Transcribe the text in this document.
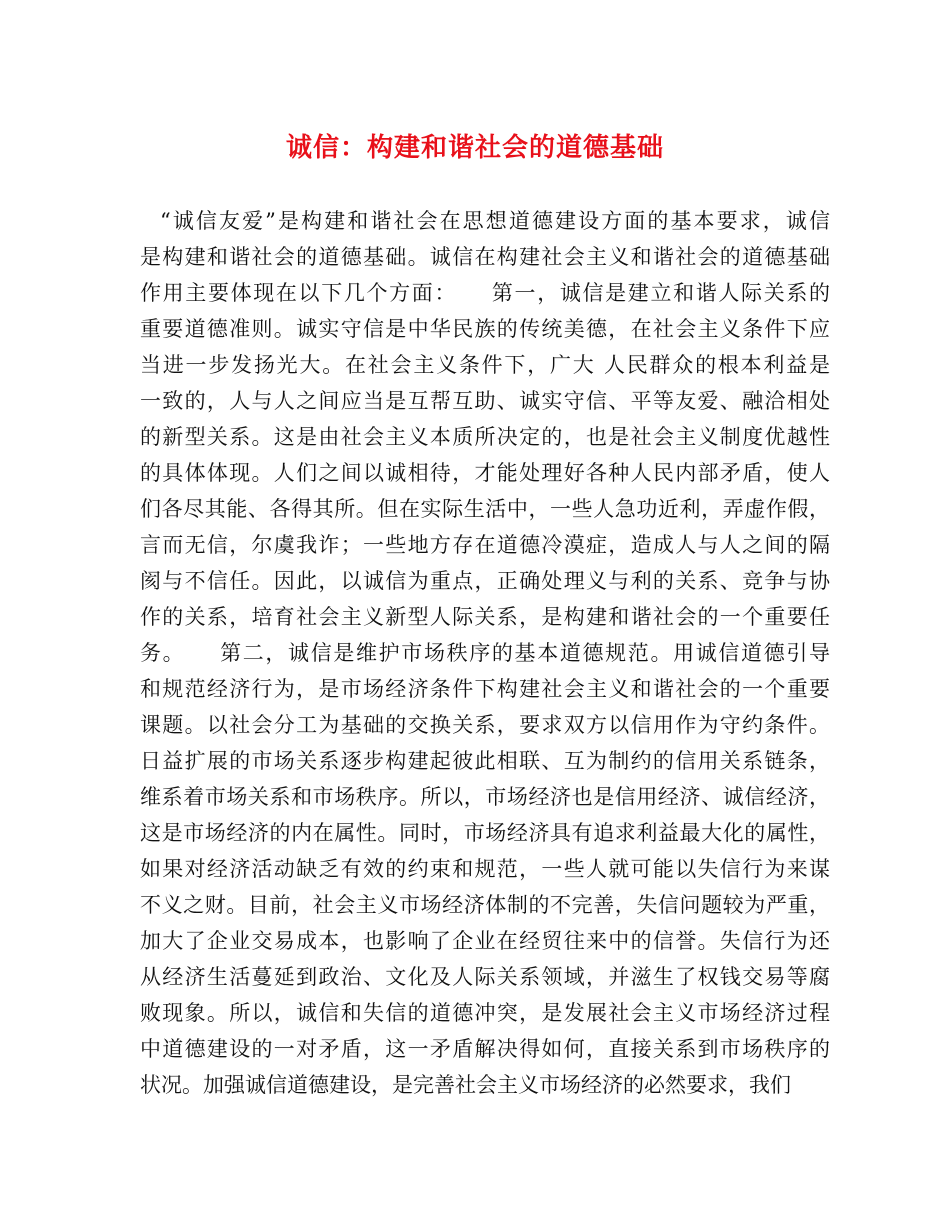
诚信：构建和谐社会的道德基础
“诚信友爱”是构建和谐社会在思想道德建设方面的基本要求，诚信
是构建和谐社会的道德基础。诚信在构建社会主义和谐社会的道德基础
作用主要体现在以下几个方面：　　第一，诚信是建立和谐人际关系的
重要道德准则。诚实守信是中华民族的传统美德，在社会主义条件下应
当进一步发扬光大。在社会主义条件下，广大 人民群众的根本利益是
一致的，人与人之间应当是互帮互助、诚实守信、平等友爱、融洽相处
的新型关系。这是由社会主义本质所决定的，也是社会主义制度优越性
的具体体现。人们之间以诚相待，才能处理好各种人民内部矛盾，使人
们各尽其能、各得其所。但在实际生活中，一些人急功近利，弄虚作假，
言而无信，尔虞我诈；一些地方存在道德冷漠症，造成人与人之间的隔
阂与不信任。因此，以诚信为重点，正确处理义与利的关系、竞争与协
作的关系，培育社会主义新型人际关系，是构建和谐社会的一个重要任
务。　　第二，诚信是维护市场秩序的基本道德规范。用诚信道德引导
和规范经济行为，是市场经济条件下构建社会主义和谐社会的一个重要
课题。以社会分工为基础的交换关系，要求双方以信用作为守约条件。
日益扩展的市场关系逐步构建起彼此相联、互为制约的信用关系链条，
维系着市场关系和市场秩序。所以，市场经济也是信用经济、诚信经济，
这是市场经济的内在属性。同时，市场经济具有追求利益最大化的属性，
如果对经济活动缺乏有效的约束和规范，一些人就可能以失信行为来谋
不义之财。目前，社会主义市场经济体制的不完善，失信问题较为严重，
加大了企业交易成本，也影响了企业在经贸往来中的信誉。失信行为还
从经济生活蔓延到政治、文化及人际关系领域，并滋生了权钱交易等腐
败现象。所以，诚信和失信的道德冲突，是发展社会主义市场经济过程
中道德建设的一对矛盾，这一矛盾解决得如何，直接关系到市场秩序的
状况。加强诚信道德建设，是完善社会主义市场经济的必然要求，我们
